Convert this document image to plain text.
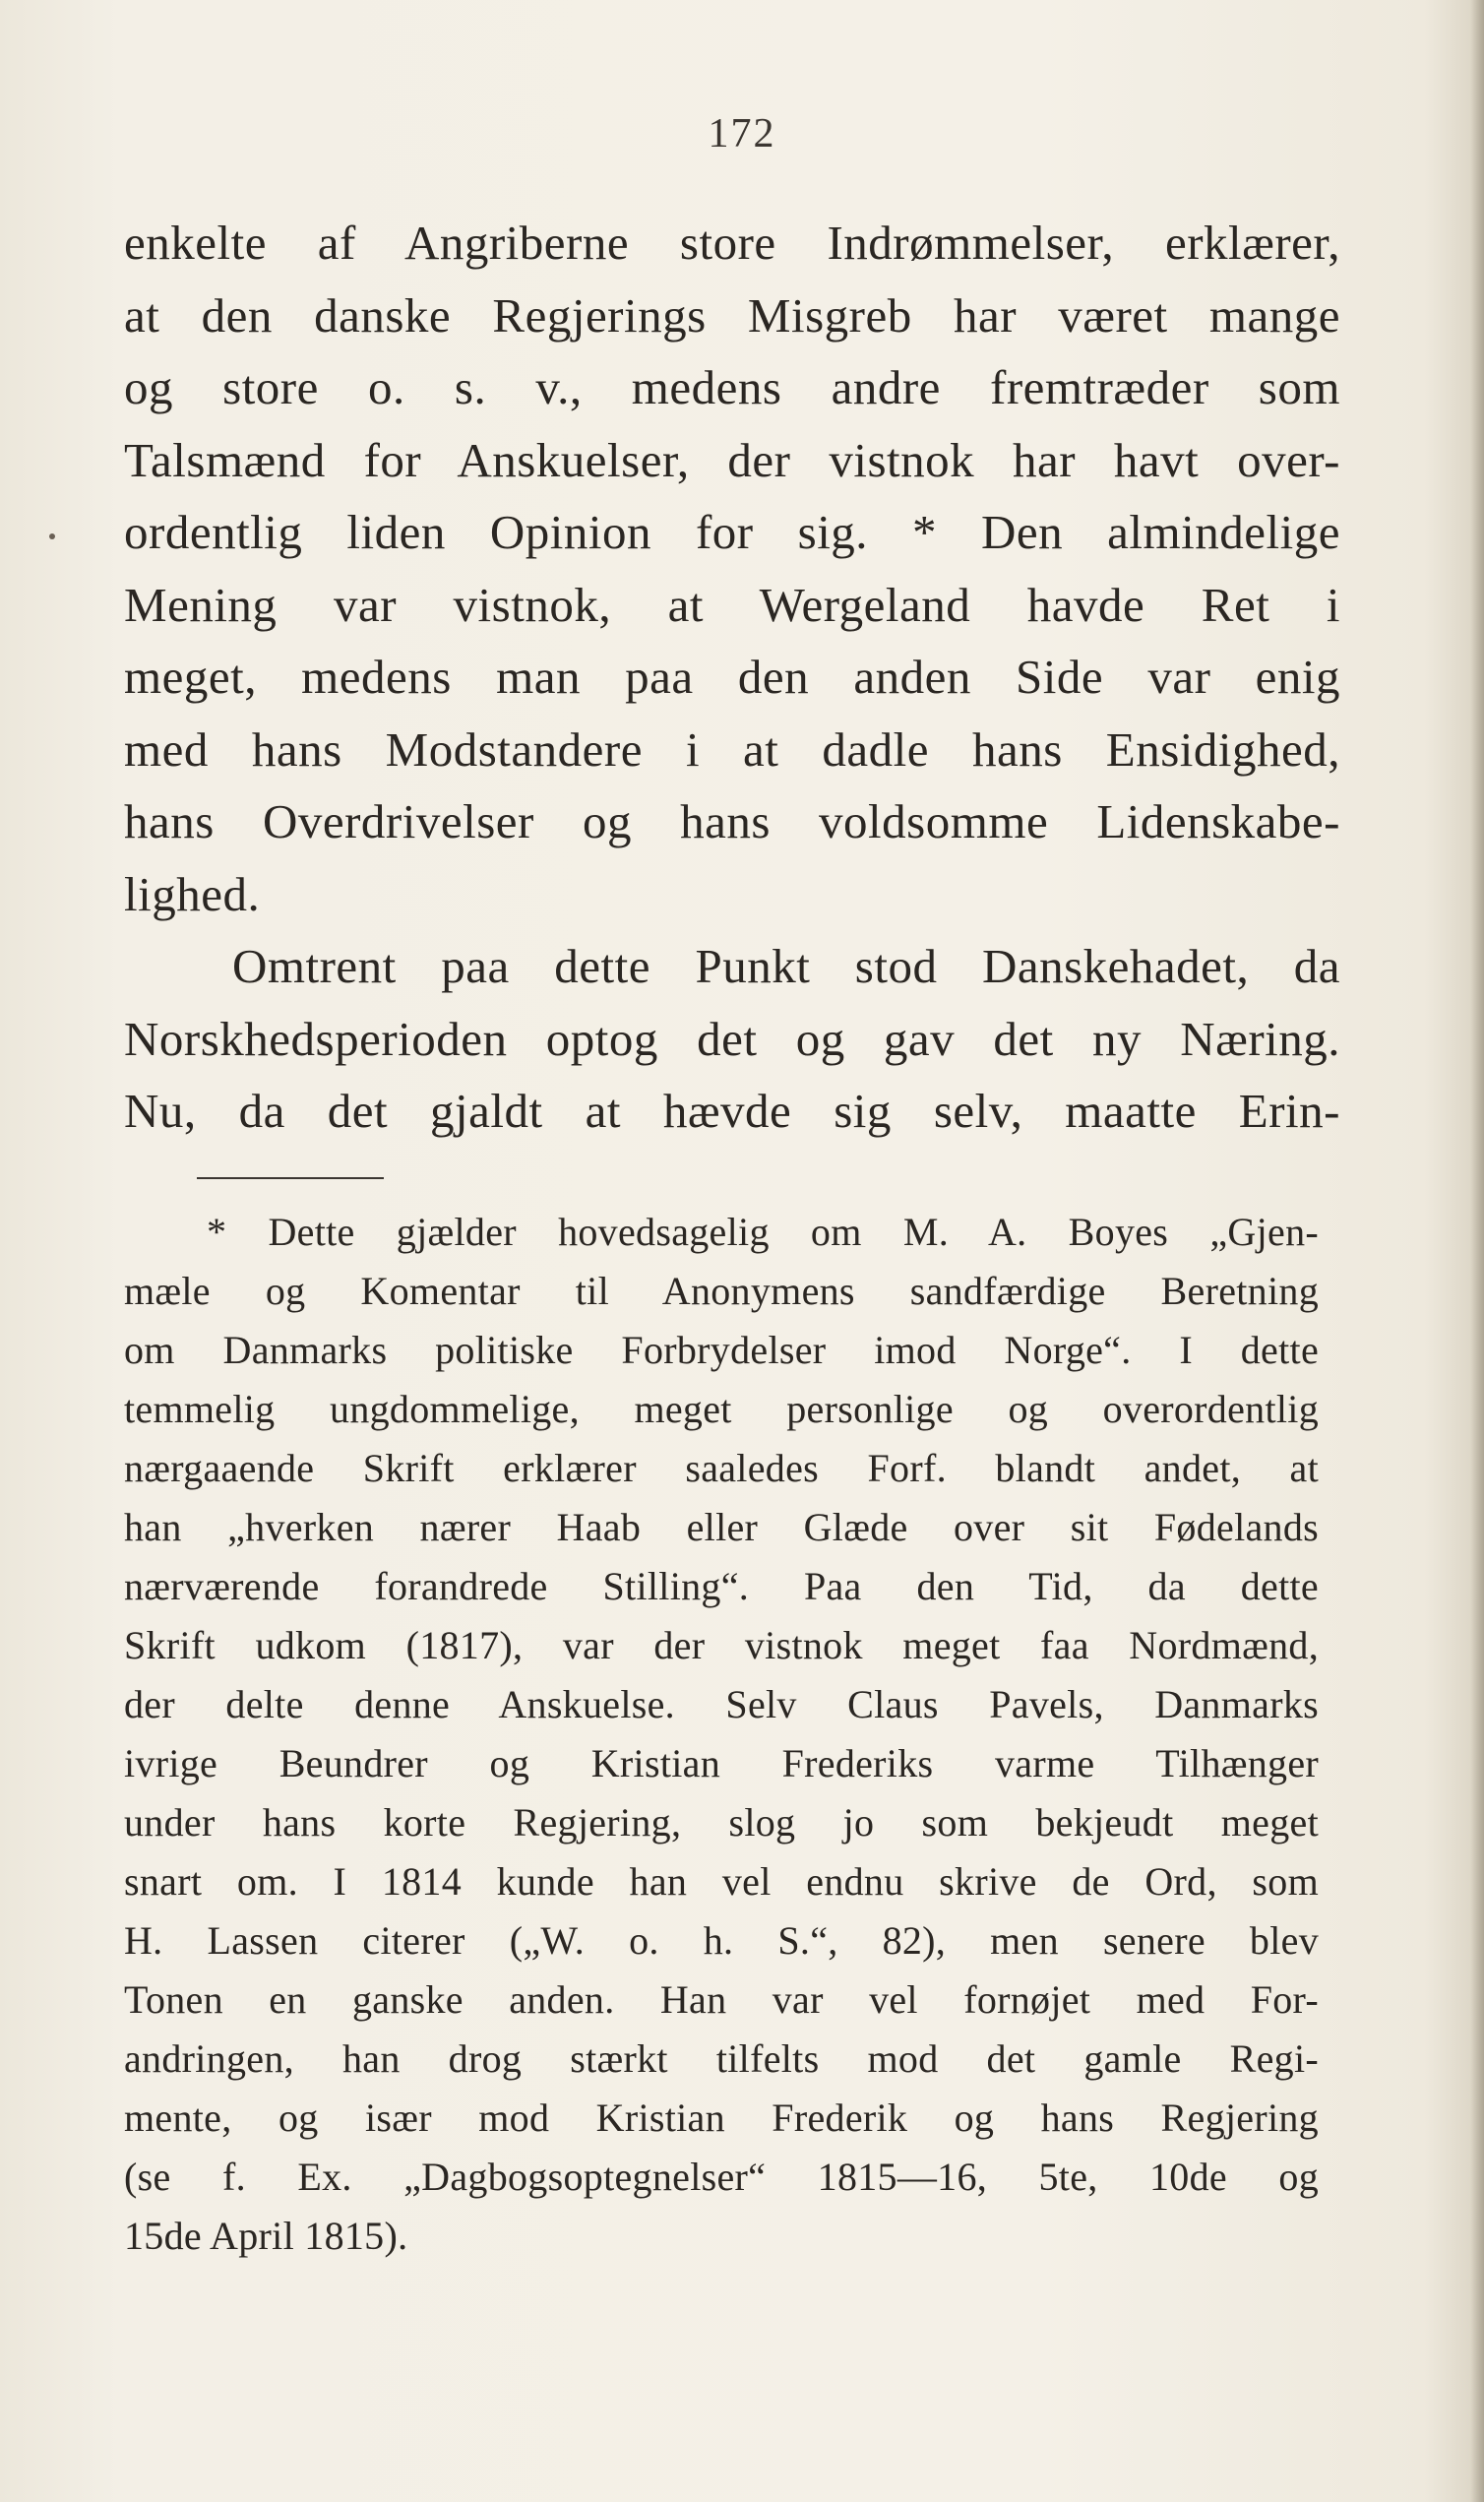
172
enkelte af Angriberne store Indrømmelser, erklærer,
at den danske Regjerings Misgreb har været mange
og store o. s. v., medens andre fremtræder som
Talsmænd for Anskuelser, der vistnok har havt over-
ordentlig liden Opinion for sig. * Den almindelige
Mening var vistnok, at Wergeland havde Ret i
meget, medens man paa den anden Side var enig
med hans Modstandere i at dadle hans Ensidighed,
hans Overdrivelser og hans voldsomme Lidenskabe-
lighed.
Omtrent paa dette Punkt stod Danskehadet, da
Norskhedsperioden optog det og gav det ny Næring.
Nu, da det gjaldt at hævde sig selv, maatte Erin-
* Dette gjælder hovedsagelig om M. A. Boyes „Gjen-
mæle og Komentar til Anonymens sandfærdige Beretning
om Danmarks politiske Forbrydelser imod Norge“. I dette
temmelig ungdommelige, meget personlige og overordentlig
nærgaaende Skrift erklærer saaledes Forf. blandt andet, at
han „hverken nærer Haab eller Glæde over sit Fødelands
nærværende forandrede Stilling“. Paa den Tid, da dette
Skrift udkom (1817), var der vistnok meget faa Nordmænd,
der delte denne Anskuelse. Selv Claus Pavels, Danmarks
ivrige Beundrer og Kristian Frederiks varme Tilhænger
under hans korte Regjering, slog jo som bekjeudt meget
snart om. I 1814 kunde han vel endnu skrive de Ord, som
H. Lassen citerer („W. o. h. S.“, 82), men senere blev
Tonen en ganske anden. Han var vel fornøjet med For-
andringen, han drog stærkt tilfelts mod det gamle Regi-
mente, og især mod Kristian Frederik og hans Regjering
(se f. Ex. „Dagbogsoptegnelser“ 1815—16, 5te, 10de og
15de April 1815).
